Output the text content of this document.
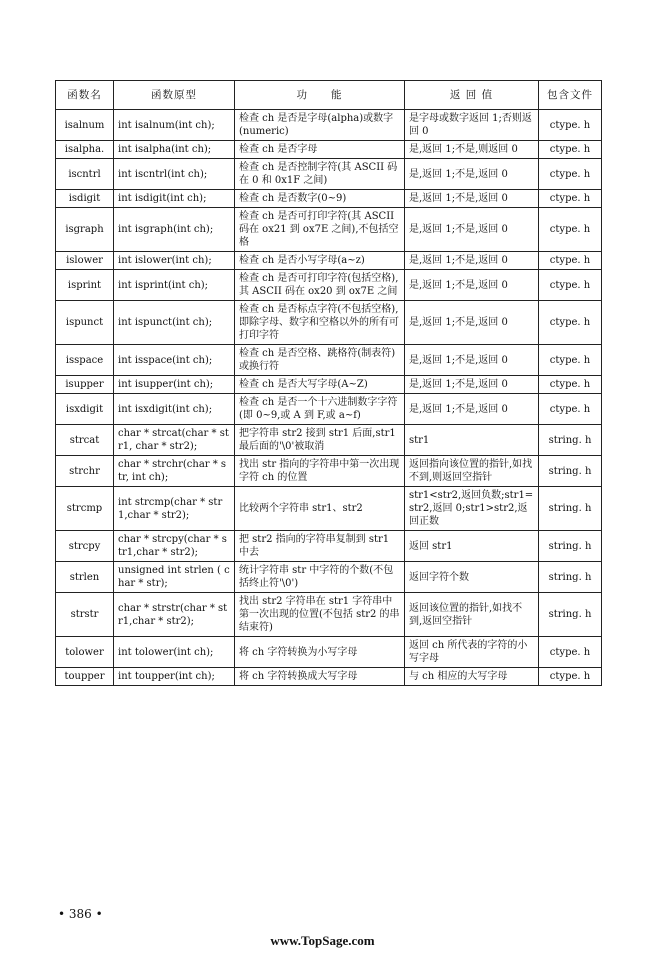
函数名	函数原型	功　　能	返 回 值	包含文件
isalnum	int isalnum(int ch);	检查 ch 是否是字母(alpha)或数字(numeric)	是字母或数字返回 1;否则返回 0	ctype. h
isalpha.	int isalpha(int ch);	检查 ch 是否字母	是,返回 1;不是,则返回 0	ctype. h
iscntrl	int iscntrl(int ch);	检查 ch 是否控制字符(其 ASCII 码在 0 和 0x1F 之间)	是,返回 1;不是,返回 0	ctype. h
isdigit	int isdigit(int ch);	检查 ch 是否数字(0~9)	是,返回 1;不是,返回 0	ctype. h
isgraph	int isgraph(int ch);	检查 ch 是否可打印字符(其 ASCII 码在 ox21 到 ox7E 之间),不包括空格	是,返回 1;不是,返回 0	ctype. h
islower	int islower(int ch);	检查 ch 是否小写字母(a~z)	是,返回 1;不是,返回 0	ctype. h
isprint	int isprint(int ch);	检查 ch 是否可打印字符(包括空格),其 ASCII 码在 ox20 到 ox7E 之间	是,返回 1;不是,返回 0	ctype. h
ispunct	int ispunct(int ch);	检查 ch 是否标点字符(不包括空格),即除字母、数字和空格以外的所有可打印字符	是,返回 1;不是,返回 0	ctype. h
isspace	int isspace(int ch);	检查 ch 是否空格、跳格符(制表符)或换行符	是,返回 1;不是,返回 0	ctype. h
isupper	int isupper(int ch);	检查 ch 是否大写字母(A~Z)	是,返回 1;不是,返回 0	ctype. h
isxdigit	int isxdigit(int ch);	检查 ch 是否一个十六进制数字字符(即 0~9,或 A 到 F,或 a~f)	是,返回 1;不是,返回 0	ctype. h
strcat	char * strcat(char * str1, char * str2);	把字符串 str2 接到 str1 后面,str1 最后面的'\0'被取消	str1	string. h
strchr	char * strchr(char * str, int ch);	找出 str 指向的字符串中第一次出现字符 ch 的位置	返回指向该位置的指针,如找不到,则返回空指针	string. h
strcmp	int strcmp(char * str1,char * str2);	比较两个字符串 str1、str2	str1<str2,返回负数;str1=str2,返回 0;str1>str2,返回正数	string. h
strcpy	char * strcpy(char * str1,char * str2);	把 str2 指向的字符串复制到 str1 中去	返回 str1	string. h
strlen	unsigned int strlen ( char * str);	统计字符串 str 中字符的个数(不包括终止符'\0')	返回字符个数	string. h
strstr	char * strstr(char * str1,char * str2);	找出 str2 字符串在 str1 字符串中第一次出现的位置(不包括 str2 的串结束符)	返回该位置的指针,如找不到,返回空指针	string. h
tolower	int tolower(int ch);	将 ch 字符转换为小写字母	返回 ch 所代表的字符的小写字母	ctype. h
toupper	int toupper(int ch);	将 ch 字符转换成大写字母	与 ch 相应的大写字母	ctype. h
• 386 •
www.TopSage.com
